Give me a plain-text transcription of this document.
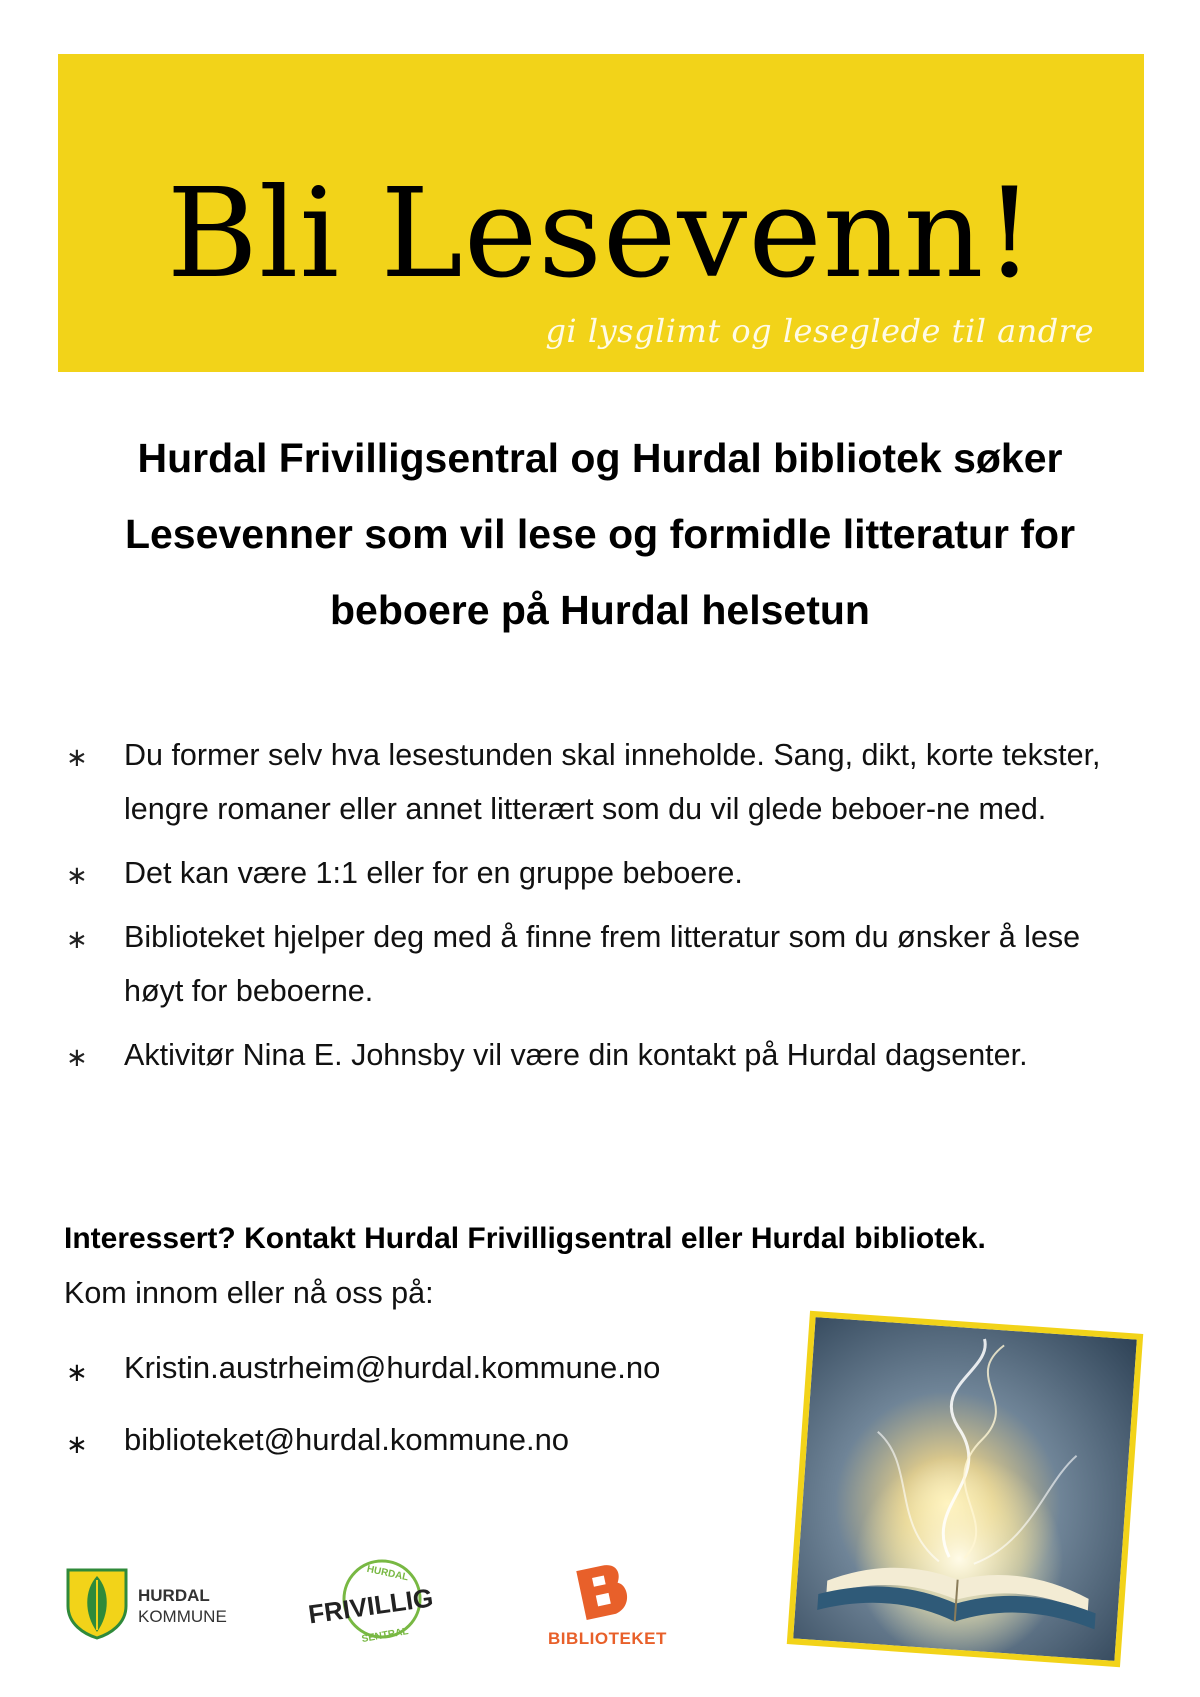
Bli Lesevenn!
gi lysglimt og leseglede til andre
Hurdal Frivilligsentral og Hurdal bibliotek søker
Lesevenner som vil lese og formidle litteratur for
beboere på Hurdal helsetun
∗ Du former selv hva lesestunden skal inneholde. Sang, dikt, korte tekster, lengre romaner eller annet litterært som du vil glede beboer-ne med.
∗ Det kan være 1:1 eller for en gruppe beboere.
∗ Biblioteket hjelper deg med å finne frem litteratur som du ønsker å lese høyt for beboerne.
∗ Aktivitør Nina E. Johnsby vil være din kontakt på Hurdal dagsenter.
Interessert? Kontakt Hurdal Frivilligsentral eller Hurdal bibliotek.
Kom innom eller nå oss på:
∗ Kristin.austrheim@hurdal.kommune.no
∗ biblioteket@hurdal.kommune.no
HURDAL
KOMMUNE
HURDAL
FRIVILLIG
SENTRAL	BIBLIOTEKET
